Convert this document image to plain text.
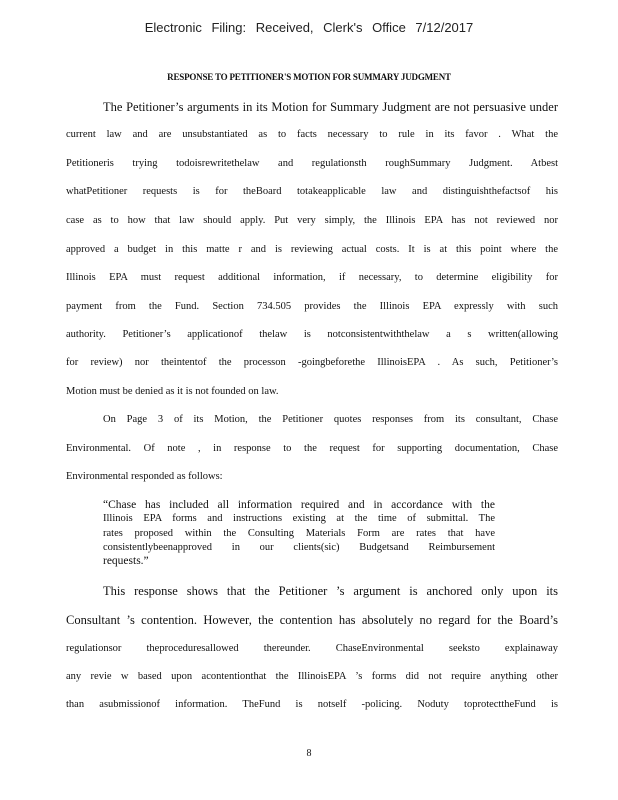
Electronic Filing: Received, Clerk's Office 7/12/2017
RESPONSE TO PETITIONER'S MOTION FOR SUMMARY JUDGMENT

The Petitioner’s arguments in its Motion for Summary Judgment are not persuasive under

current law and are unsubstantiated as to facts necessary to rule in its favor . What the

Petitioneris trying todoisrewritethelaw and regulationsth roughSummary Judgment. Atbest

whatPetitioner requests is for theBoard totakeapplicable law and distinguishthefactsof his

case as to how that law should apply. Put very simply, the Illinois EPA has not reviewed nor

approved a budget in this matte r and is reviewing actual costs. It is at this point where the

Illinois EPA must request additional information, if necessary, to determine eligibility for

payment from the Fund. Section 734.505 provides the Illinois EPA expressly with such

authority. Petitioner’s applicationof thelaw is notconsistentwiththelaw a s written(allowing

for review) nor theintentof the processon -goingbeforethe IllinoisEPA . As such, Petitioner’s

Motion must be denied as it is not founded on law.

On Page 3 of its Motion, the Petitioner quotes responses from its consultant, Chase

Environmental. Of note , in response to the request for supporting documentation, Chase

Environmental responded as follows:

“Chase has included all information required and in accordance with the

Illinois EPA forms and instructions existing at the time of submittal. The

rates proposed within the Consulting Materials Form are rates that have

consistentlybeenapproved in our clients(sic) Budgetsand Reimbursement

requests.”

This response shows that the Petitioner ’s argument is anchored only upon its

Consultant ’s contention. However, the contention has absolutely no regard for the Board’s

regulationsor theproceduresallowed thereunder. ChaseEnvironmental seeksto explainaway

any revie w based upon acontentionthat the IllinoisEPA ’s forms did not require anything other

than asubmissionof information. TheFund is notself -policing. Noduty toprotecttheFund is

8
